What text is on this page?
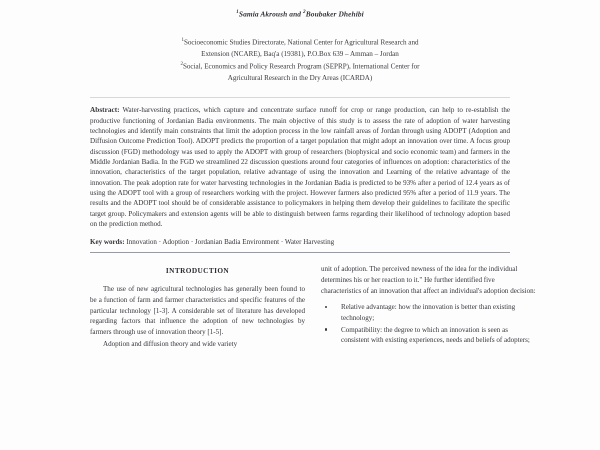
$^1$Samia Akroush and $^2$Boubaker Dhehibi
$^1$Socioeconomic Studies Directorate, National Center for Agricultural Research and
Extension (NCARE), Baq'a (19381), P.O.Box 639 – Amman – Jordan
$^2$Social, Economics and Policy Research Program (SEPRP), International Center for
Agricultural Research in the Dry Areas (ICARDA)

Abstract: Water-harvesting practices, which capture and concentrate surface runoff for crop or range production, can help to re-establish the productive functioning of Jordanian Badia environments. The main objective of this study is to assess the rate of adoption of water harvesting technologies and identify main constraints that limit the adoption process in the low rainfall areas of Jordan through using ADOPT (Adoption and Diffusion Outcome Prediction Tool). ADOPT predicts the proportion of a target population that might adopt an innovation over time. A focus group discussion (FGD) methodology was used to apply the ADOPT with group of researchers (biophysical and socio economic team) and farmers in the Middle Jordanian Badia. In the FGD we streamlined 22 discussion questions around four categories of influences on adoption: characteristics of the innovation, characteristics of the target population, relative advantage of using the innovation and Learning of the relative advantage of the innovation. The peak adoption rate for water harvesting technologies in the Jordanian Badia is predicted to be 93% after a period of 12.4 years as of using the ADOPT tool with a group of researchers working with the project. However farmers also predicted 95% after a period of 11.9 years. The results and the ADOPT tool should be of considerable assistance to policymakers in helping them develop their guidelines to facilitate the specific target group. Policymakers and extension agents will be able to distinguish between farms regarding their likelihood of technology adoption based on the prediction method.

Key words: Innovation · Adoption · Jordanian Badia Environment · Water Harvesting

INTRODUCTION

The use of new agricultural technologies has generally been found to be a function of farm and farmer characteristics and specific features of the particular technology [1-3]. A considerable set of literature has developed regarding factors that influence the adoption of new technologies by farmers through use of innovation theory [1-5].

Adoption and diffusion theory and wide variety

unit of adoption. The perceived newness of the idea for the individual determines his or her reaction to it." He further identified five characteristics of an innovation that affect an individual's adoption decision:

Relative advantage: how the innovation is better than existing technology;
Compatibility: the degree to which an innovation is seen as consistent with existing experiences, needs and beliefs of adopters;
